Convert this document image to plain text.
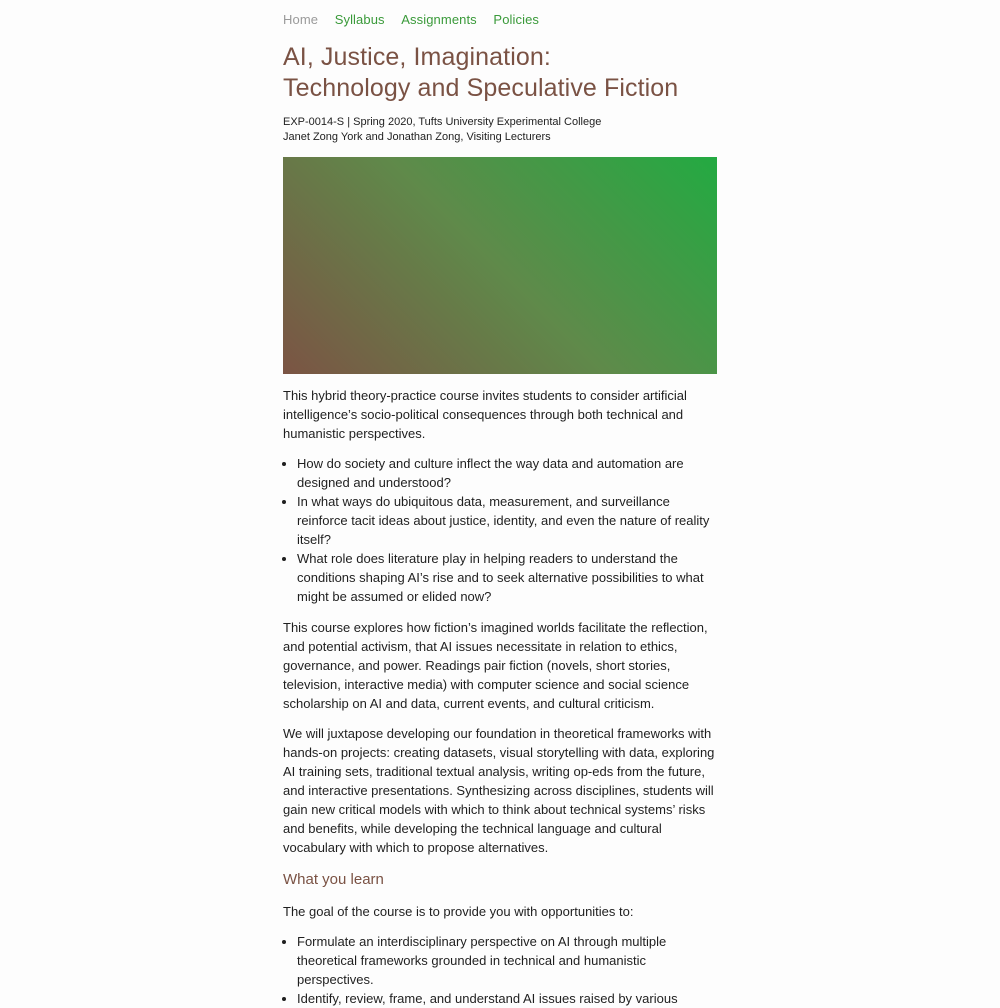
Home Syllabus Assignments Policies
AI, Justice, Imagination:
Technology and Speculative Fiction
EXP-0014-S | Spring 2020, Tufts University Experimental College
Janet Zong York and Jonathan Zong, Visiting Lecturers

This hybrid theory-practice course invites students to consider artificial intelligence’s socio-political consequences through both technical and humanistic perspectives.

• How do society and culture inflect the way data and automation are designed and understood?
• In what ways do ubiquitous data, measurement, and surveillance reinforce tacit ideas about justice, identity, and even the nature of reality itself?
• What role does literature play in helping readers to understand the conditions shaping AI’s rise and to seek alternative possibilities to what might be assumed or elided now?

This course explores how fiction’s imagined worlds facilitate the reflection, and potential activism, that AI issues necessitate in relation to ethics, governance, and power. Readings pair fiction (novels, short stories, television, interactive media) with computer science and social science scholarship on AI and data, current events, and cultural criticism.

We will juxtapose developing our foundation in theoretical frameworks with hands-on projects: creating datasets, visual storytelling with data, exploring AI training sets, traditional textual analysis, writing op-eds from the future, and interactive presentations. Synthesizing across disciplines, students will gain new critical models with which to think about technical systems’ risks and benefits, while developing the technical language and cultural vocabulary with which to propose alternatives.

What you learn

The goal of the course is to provide you with opportunities to:

• Formulate an interdisciplinary perspective on AI through multiple theoretical frameworks grounded in technical and humanistic perspectives.
• Identify, review, frame, and understand AI issues raised by various
